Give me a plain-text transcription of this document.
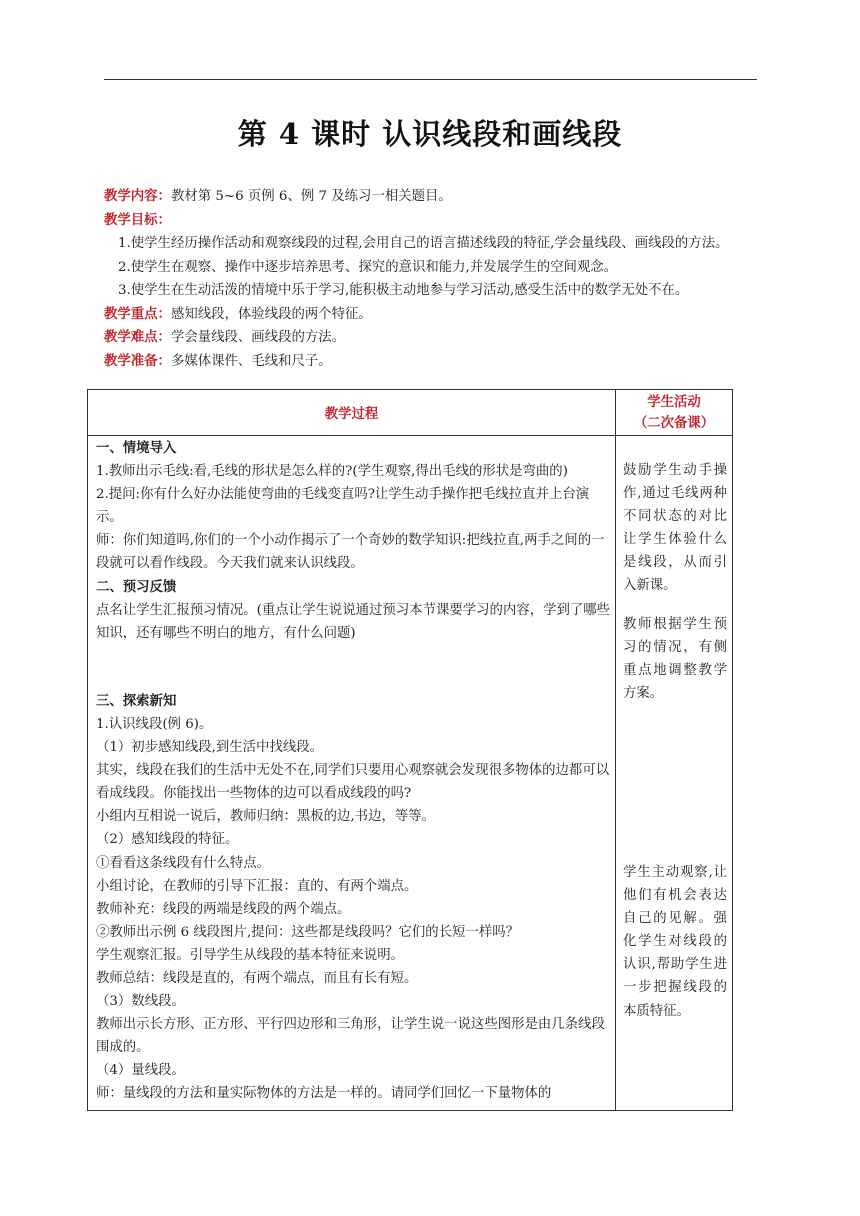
第 4 课时 认识线段和画线段

教学内容：教材第 5~6 页例 6、例 7 及练习一相关题目。

教学目标：

1.使学生经历操作活动和观察线段的过程,会用自己的语言描述线段的特征,学会量线段、画线段的方法。

2.使学生在观察、操作中逐步培养思考、探究的意识和能力,并发展学生的空间观念。

3.使学生在生动活泼的情境中乐于学习,能积极主动地参与学习活动,感受生活中的数学无处不在。

教学重点：感知线段，体验线段的两个特征。

教学难点：学会量线段、画线段的方法。

教学准备：多媒体课件、毛线和尺子。

教学过程
学生活动
（二次备课）

一、情境导入

1.教师出示毛线:看,毛线的形状是怎么样的?(学生观察,得出毛线的形状是弯曲的)

2.提问:你有什么好办法能使弯曲的毛线变直吗?让学生动手操作把毛线拉直并上台演示。

师：你们知道吗,你们的一个小动作揭示了一个奇妙的数学知识:把线拉直,两手之间的一段就可以看作线段。今天我们就来认识线段。

二、预习反馈

点名让学生汇报预习情况。(重点让学生说说通过预习本节课要学习的内容，学到了哪些知识，还有哪些不明白的地方，有什么问题)

三、探索新知

1.认识线段(例 6)。

（1）初步感知线段,到生活中找线段。

其实，线段在我们的生活中无处不在,同学们只要用心观察就会发现很多物体的边都可以看成线段。你能找出一些物体的边可以看成线段的吗?

小组内互相说一说后，教师归纳：黑板的边,书边，等等。

（2）感知线段的特征。

①看看这条线段有什么特点。

小组讨论，在教师的引导下汇报：直的、有两个端点。

教师补充：线段的两端是线段的两个端点。

②教师出示例 6 线段图片,提问：这些都是线段吗？它们的长短一样吗？

学生观察汇报。引导学生从线段的基本特征来说明。

教师总结：线段是直的，有两个端点，而且有长有短。

（3）数线段。

教师出示长方形、正方形、平行四边形和三角形，让学生说一说这些图形是由几条线段围成的。

（4）量线段。

师：量线段的方法和量实际物体的方法是一样的。请同学们回忆一下量物体的

鼓励学生动手操作,通过毛线两种不同状态的对比让学生体验什么是线段，从而引入新课。
教师根据学生预习的情况，有侧重点地调整教学方案。
学生主动观察,让他们有机会表达自己的见解。强化学生对线段的认识,帮助学生进一步把握线段的本质特征。
